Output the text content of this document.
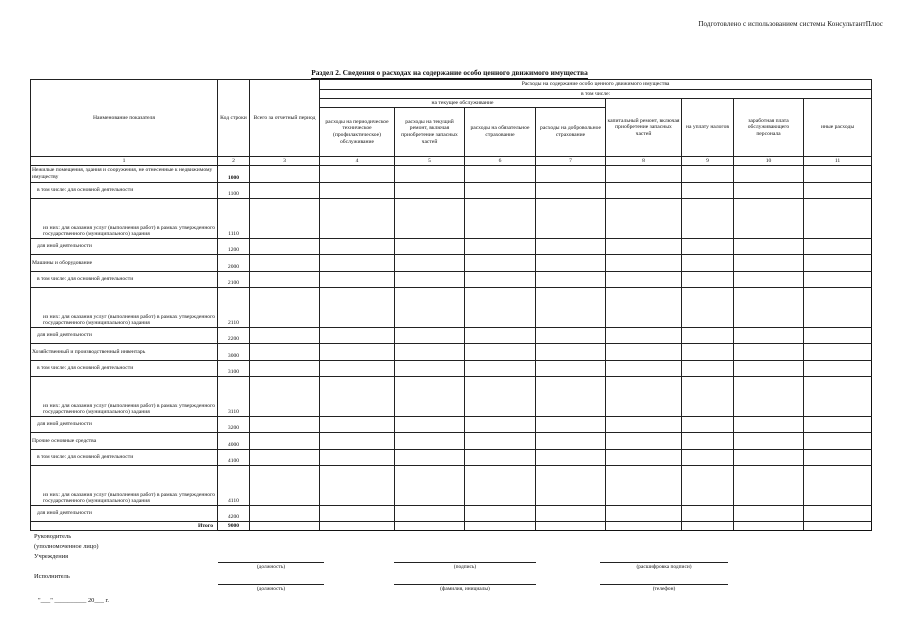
Подготовлено с использованием системы КонсультантПлюс
Раздел 2. Сведения о расходах на содержание особо ценного движимого имущества
Наименование показателя	Код строки	Всего за отчетный период	Расходы на содержание особо ценного движимого имущества							
			в том числе:							
			на текущее обслуживание				капитальный ремонт, включая приобретение запасных частей	на уплату налогов	заработная плата обслуживающего персонала	иные расходы
			расходы на периодическое техническое (профилактическое) обслуживание	расходы на текущий ремонт, включая приобретение запасных частей	расходы на обязательное страхование	расходы на добровольное страхование				
1	2	3	4	5	6	7	8	9	10	11
Нежилые помещения, здания и сооружения, не отнесенные к недвижимому имуществу	1000									
в том числе: для основной деятельности	1100									
из них: для оказания услуг (выполнения работ) в рамках утвержденного государственного (муниципального) задания	1110									
для иной деятельности	1200									
Машины и оборудование	2000									
в том числе: для основной деятельности	2100									
из них: для оказания услуг (выполнения работ) в рамках утвержденного государственного (муниципального) задания	2110									
для иной деятельности	2200									
Хозяйственный и производственный инвентарь	3000									
в том числе: для основной деятельности	3100									
из них: для оказания услуг (выполнения работ) в рамках утвержденного государственного (муниципального) задания	3110									
для иной деятельности	3200									
Прочие основные средства	4000									
в том числе: для основной деятельности	4100									
из них: для оказания услуг (выполнения работ) в рамках утвержденного государственного (муниципального) задания	4110									
для иной деятельности	4200									
Итого	9000									
Руководитель
(уполномоченное лицо)
Учреждения
(должность)	(подпись)	(расшифровка подписи)
Исполнитель
(должность)	(фамилия, инициалы)	(телефон)
"___" __________ 20___ г.
